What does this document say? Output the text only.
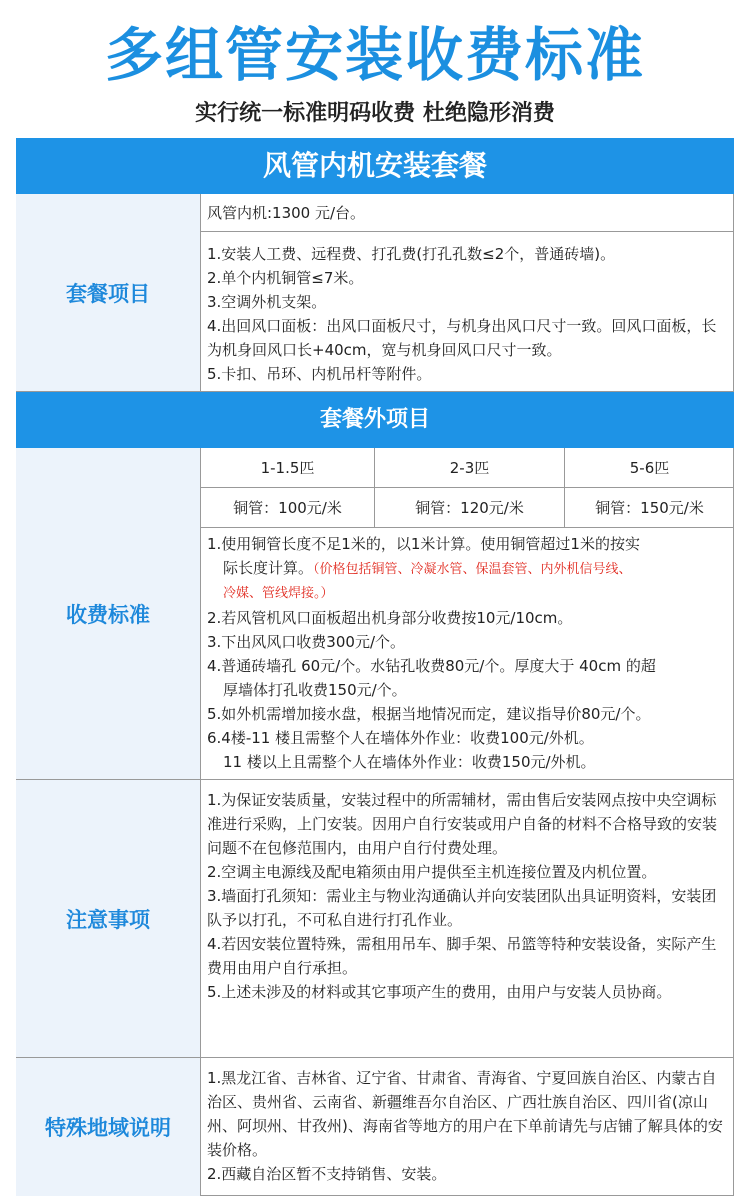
多组管安装收费标准
实行统一标准明码收费 杜绝隐形消费
风管内机安装套餐
套餐项目
风管内机:1300 元/台。

1.安装人工费、远程费、打孔费(打孔孔数≤2个，普通砖墙)。

2.单个内机铜管≤7米。

3.空调外机支架。

4.出回风口面板：出风口面板尺寸，与机身出风口尺寸一致。回风口面板，长为机身回风口长+40cm，宽与机身回风口尺寸一致。

5.卡扣、吊环、内机吊杆等附件。

套餐外项目
收费标准
1-1.5匹	2-3匹	5-6匹
铜管：100元/米	铜管：120元/米	铜管：150元/米

1.使用铜管长度不足1米的，以1米计算。使用铜管超过1米的按实

际长度计算。（价格包括铜管、冷凝水管、保温套管、内外机信号线、

冷媒、管线焊接。）

2.若风管机风口面板超出机身部分收费按10元/10cm。

3.下出风风口收费300元/个。

4.普通砖墙孔 60元/个。水钻孔收费80元/个。厚度大于 40cm 的超

厚墙体打孔收费150元/个。

5.如外机需增加接水盘，根据当地情况而定，建议指导价80元/个。

6.4楼-11 楼且需整个人在墙体外作业：收费100元/外机。

11 楼以上且需整个人在墙体外作业：收费150元/外机。

注意事项

1.为保证安装质量，安装过程中的所需辅材，需由售后安装网点按中央空调标准进行采购，上门安装。因用户自行安装或用户自备的材料不合格导致的安装问题不在包修范围内，由用户自行付费处理。

2.空调主电源线及配电箱须由用户提供至主机连接位置及内机位置。

3.墙面打孔须知：需业主与物业沟通确认并向安装团队出具证明资料，安装团队予以打孔，不可私自进行打孔作业。

4.若因安装位置特殊，需租用吊车、脚手架、吊篮等特种安装设备，实际产生费用由用户自行承担。

5.上述未涉及的材料或其它事项产生的费用，由用户与安装人员协商。

特殊地域说明

1.黑龙江省、吉林省、辽宁省、甘肃省、青海省、宁夏回族自治区、内蒙古自治区、贵州省、云南省、新疆维吾尔自治区、广西壮族自治区、四川省(凉山州、阿坝州、甘孜州)、海南省等地方的用户在下单前请先与店铺了解具体的安装价格。

2.西藏自治区暂不支持销售、安装。
